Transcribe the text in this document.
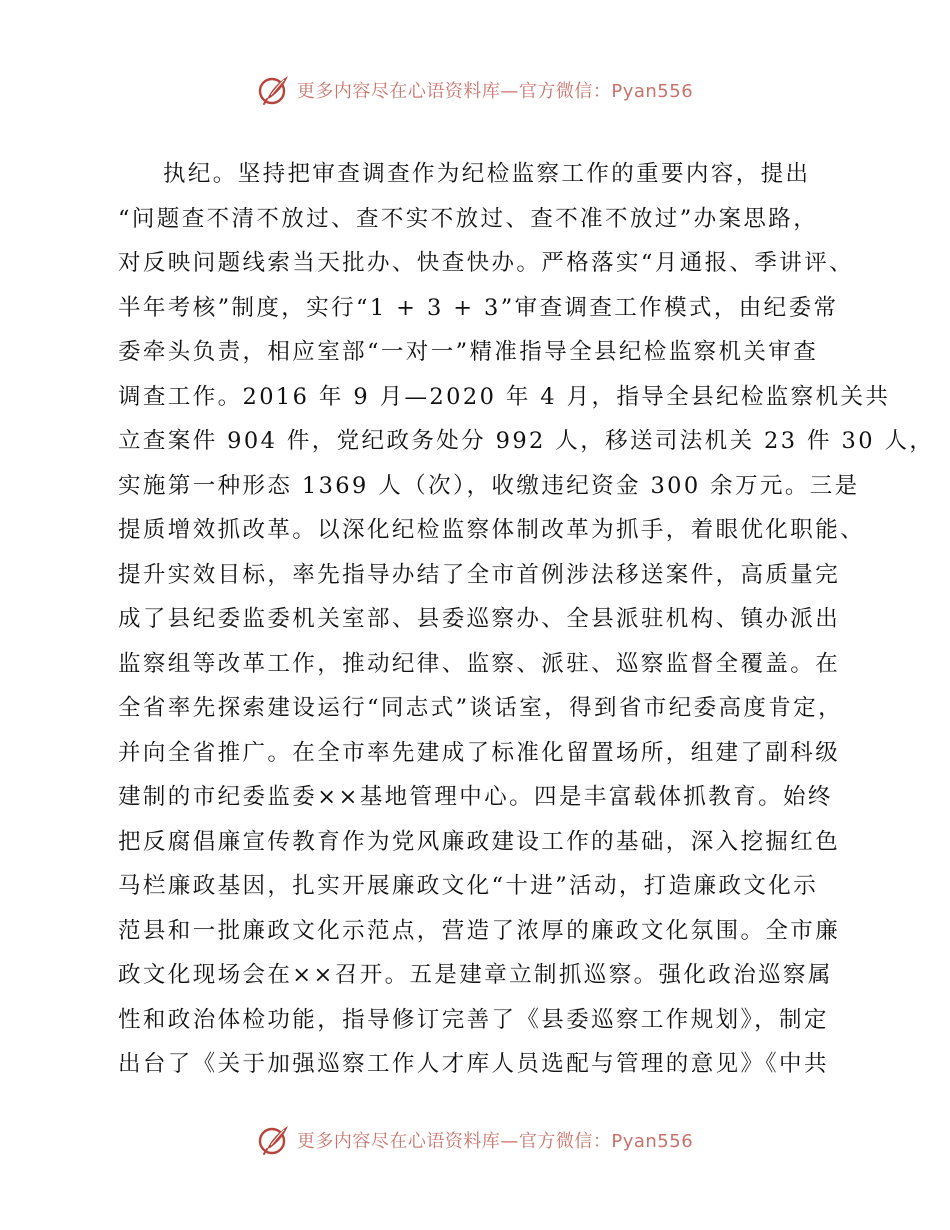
更多内容尽在心语资料库—官方微信：Pyan556
执纪。坚持把审查调查作为纪检监察工作的重要内容，提出
“问题查不清不放过、查不实不放过、查不准不放过”办案思路，
对反映问题线索当天批办、快查快办。严格落实“月通报、季讲评、
半年考核”制度，实行“1 + 3 + 3”审查调查工作模式，由纪委常
委牵头负责，相应室部“一对一”精准指导全县纪检监察机关审查
调查工作。2016 年 9 月—2020 年 4 月，指导全县纪检监察机关共
立查案件 904 件，党纪政务处分 992 人，移送司法机关 23 件 30 人，
实施第一种形态 1369 人（次），收缴违纪资金 300 余万元。三是
提质增效抓改革。以深化纪检监察体制改革为抓手，着眼优化职能、
提升实效目标，率先指导办结了全市首例涉法移送案件，高质量完
成了县纪委监委机关室部、县委巡察办、全县派驻机构、镇办派出
监察组等改革工作，推动纪律、监察、派驻、巡察监督全覆盖。在
全省率先探索建设运行“同志式”谈话室，得到省市纪委高度肯定，
并向全省推广。在全市率先建成了标准化留置场所，组建了副科级
建制的市纪委监委××基地管理中心。四是丰富载体抓教育。始终
把反腐倡廉宣传教育作为党风廉政建设工作的基础，深入挖掘红色
马栏廉政基因，扎实开展廉政文化“十进”活动，打造廉政文化示
范县和一批廉政文化示范点，营造了浓厚的廉政文化氛围。全市廉
政文化现场会在××召开。五是建章立制抓巡察。强化政治巡察属
性和政治体检功能，指导修订完善了《县委巡察工作规划》，制定
出台了《关于加强巡察工作人才库人员选配与管理的意见》《中共
更多内容尽在心语资料库—官方微信：Pyan556
